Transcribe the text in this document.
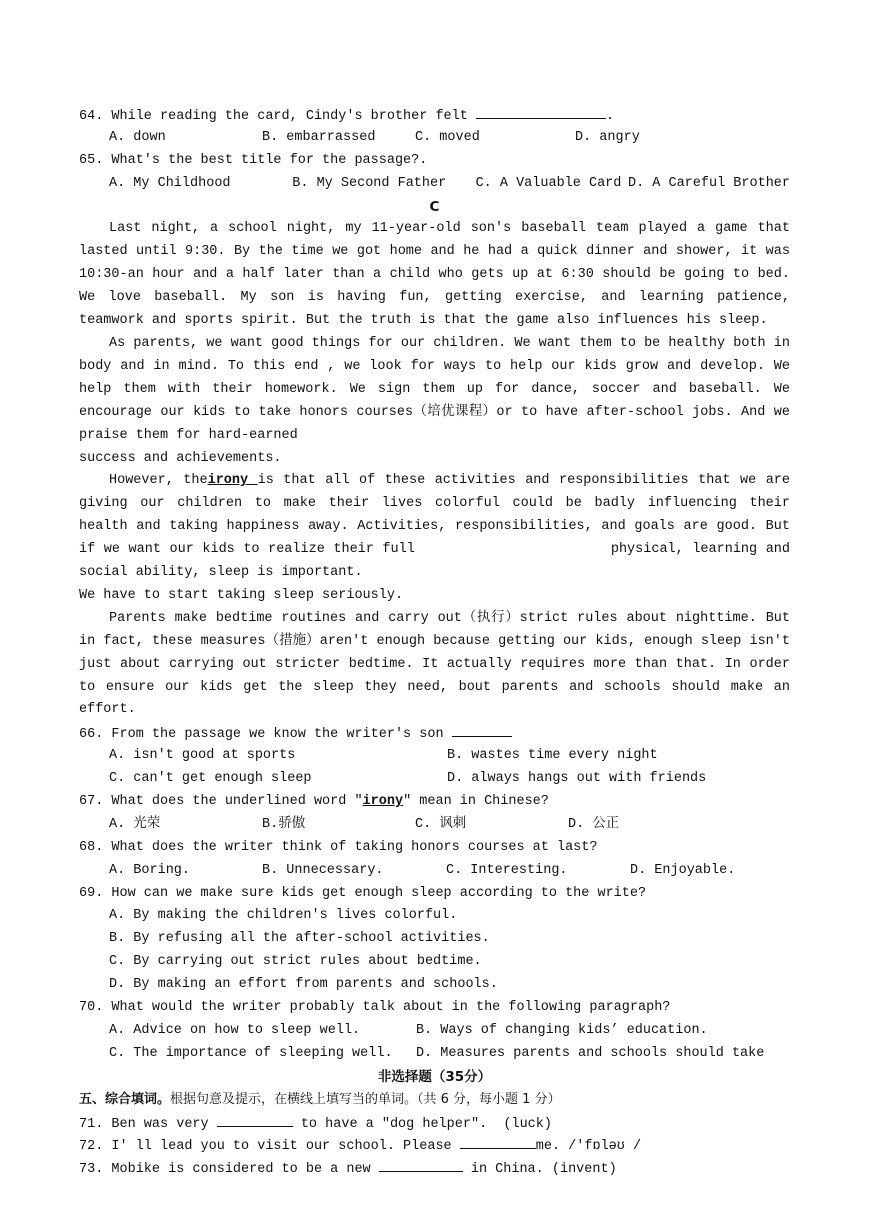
64. While reading the card, Cindy's brother felt	.
A. down	B. embarrassed	C. moved	D. angry
65. What's the best title for the passage?.
A. My Childhood	B. My Second Father	C. A Valuable Card D. A Careful Brother
C
Last night, a school night, my 11-year-old son's baseball team played a game that lasted until 9:30. By the time we got home and he had a quick dinner and shower, it was 10:30-an hour and a half later than a child who gets up at 6:30 should be going to bed. We love baseball. My son is having fun, getting exercise, and learning patience, teamwork and sports spirit. But the truth is that the game also influences his sleep.
As parents, we want good things for our children. We want them to be healthy both in body and in mind. To this end , we look for ways to help our kids grow and develop. We help them with their homework. We sign them up for dance, soccer and baseball. We encourage our kids to take honors courses（培优课程）or to have after-school jobs. And we praise them for hard-earned
success and achievements.
However, theirony is that all of these activities and responsibilities that we are giving our children to make their lives colorful could be badly influencing their health and taking happiness away. Activities, responsibilities, and goals are good. But if we want our kids to realize their full	physical, learning and social ability, sleep is important.
We have to start taking sleep seriously.
Parents make bedtime routines and carry out（执行）strict rules about nighttime. But in fact, these measures（措施）aren't enough because getting our kids, enough sleep isn't just about carrying out stricter bedtime. It actually requires more than that. In order to ensure our kids get the sleep they need, bout parents and schools should make an effort.
66. From the passage we know the writer's son
A. isn't good at sports	B. wastes time every night
C. can't get enough sleep	D. always hangs out with friends
67. What does the underlined word "irony" mean in Chinese?
A. 光荣	B.骄傲	C. 讽刺	D. 公正
68. What does the writer think of taking honors courses at last?
A. Boring.	B. Unnecessary.	C. Interesting.	D. Enjoyable.
69. How can we make sure kids get enough sleep according to the write?
A. By making the children's lives colorful.
B. By refusing all the after-school activities.
C. By carrying out strict rules about bedtime.
D. By making an effort from parents and schools.
70. What would the writer probably talk about in the following paragraph?
A. Advice on how to sleep well.	B. Ways of changing kids’ education.
C. The importance of sleeping well.	D. Measures parents and schools should take
非选择题（35分）
五、综合填词。根据句意及提示，在横线上填写当的单词。（共 6 分，每小题 1 分）
71. Ben was very	to have a "dog helper".  (luck)
72. I' ll lead you to visit our school. Please	me. /'fɒləʊ /
73. Mobike is considered to be a new	in China. (invent)
